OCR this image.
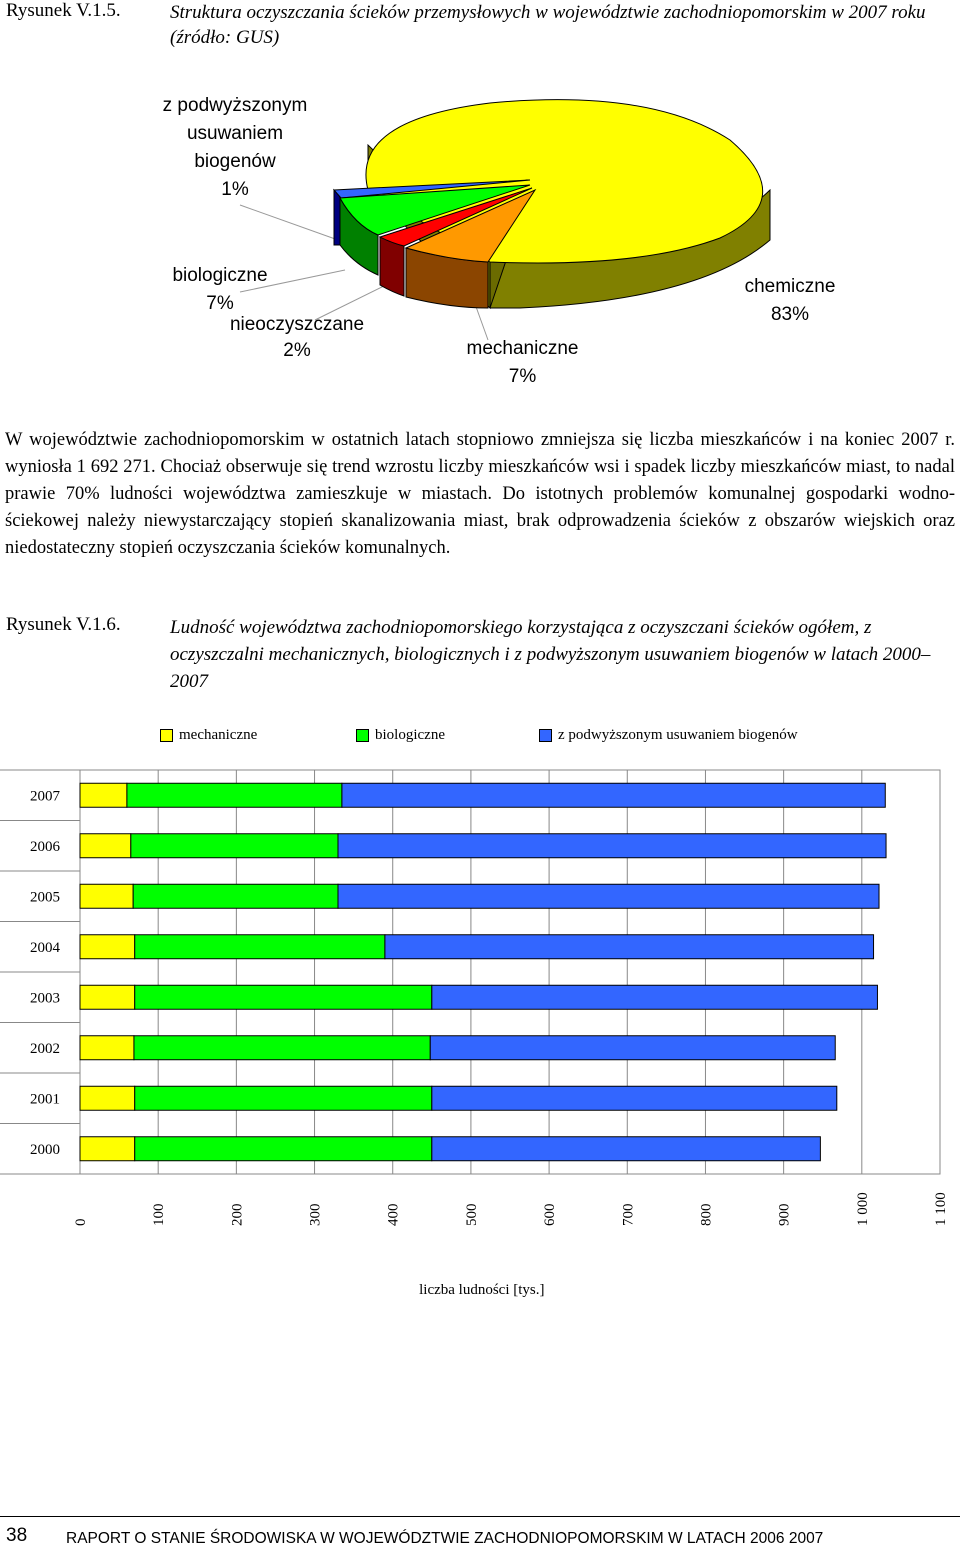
Rysunek V.1.5.	Struktura oczyszczania ścieków przemysłowych w województwie zachodniopomorskim w 2007 roku (źródło: GUS)
z podwyższonym
usuwaniem
biogenów
1%
biologiczne
7%
nieoczyszczane
2%	mechaniczne
7%
chemiczne
83%
W województwie zachodniopomorskim w ostatnich latach stopniowo zmniejsza się liczba mieszkańców i na koniec 2007 r. wyniosła 1 692 271. Chociaż obserwuje się trend wzrostu liczby mieszkańców wsi i spadek liczby mieszkańców miast, to nadal prawie 70% ludności województwa zamieszkuje w miastach. Do istotnych problemów komunalnej gospodarki wodno-ściekowej należy niewystarczający stopień skanalizowania miast, brak odprowadzenia ścieków z obszarów wiejskich oraz niedostateczny stopień oczyszczania ścieków komunalnych.
Rysunek V.1.6.	Ludność województwa zachodniopomorskiego korzystająca z oczyszczani ścieków ogółem, z oczyszczalni mechanicznych, biologicznych i z podwyższonym usuwaniem biogenów w latach 2000–2007
mechaniczne	biologiczne	z podwyższonym usuwaniem biogenów
0	100	200	300	400	500	600	700	800	900	1 000	1 100
2007
2006
2005
2004
2003
2002
2001
2000
liczba ludności [tys.]
38	RAPORT O STANIE ŚRODOWISKA W WOJEWÓDZTWIE ZACHODNIOPOMORSKIM W LATACH 2006 2007
